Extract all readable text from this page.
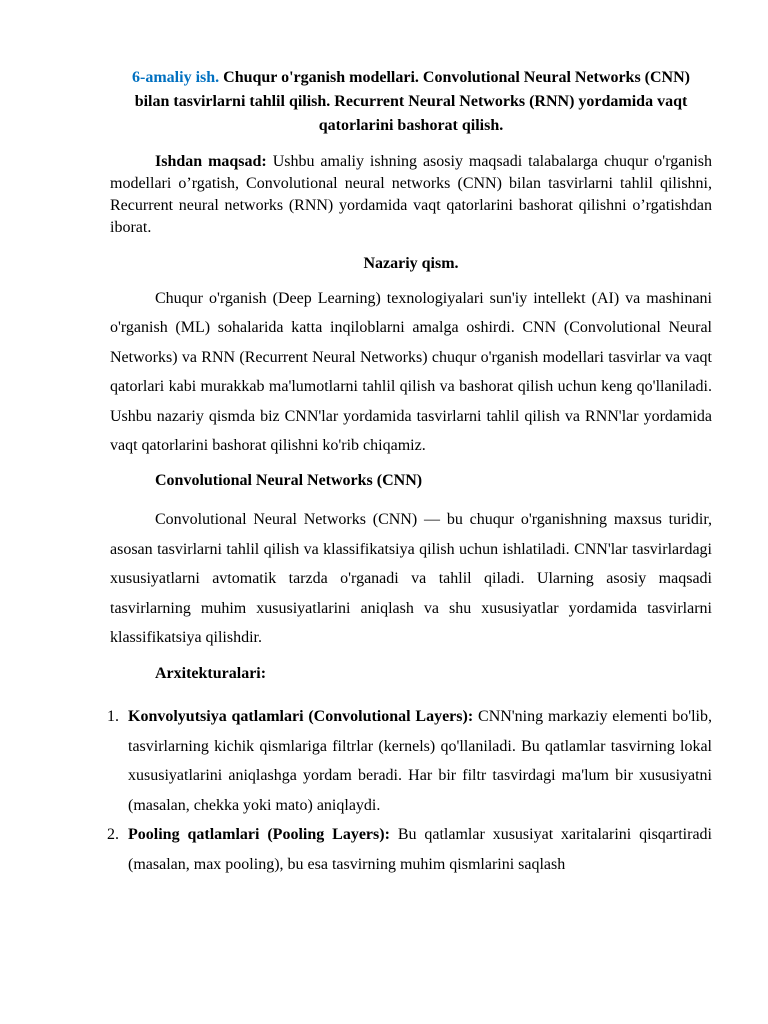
6-amaliy ish. Chuqur o'rganish modellari. Convolutional Neural Networks (CNN) bilan tasvirlarni tahlil qilish. Recurrent Neural Networks (RNN) yordamida vaqt qatorlarini bashorat qilish.
Ishdan maqsad: Ushbu amaliy ishning asosiy maqsadi talabalarga chuqur o'rganish modellari o’rgatish, Convolutional neural networks (CNN) bilan tasvirlarni tahlil qilishni, Recurrent neural networks (RNN) yordamida vaqt qatorlarini bashorat qilishni o’rgatishdan iborat.
Nazariy qism.
Chuqur o'rganish (Deep Learning) texnologiyalari sun'iy intellekt (AI) va mashinani o'rganish (ML) sohalarida katta inqiloblarni amalga oshirdi. CNN (Convolutional Neural Networks) va RNN (Recurrent Neural Networks) chuqur o'rganish modellari tasvirlar va vaqt qatorlari kabi murakkab ma'lumotlarni tahlil qilish va bashorat qilish uchun keng qo'llaniladi. Ushbu nazariy qismda biz CNN'lar yordamida tasvirlarni tahlil qilish va RNN'lar yordamida vaqt qatorlarini bashorat qilishni ko'rib chiqamiz.
Convolutional Neural Networks (CNN)
Convolutional Neural Networks (CNN) — bu chuqur o'rganishning maxsus turidir, asosan tasvirlarni tahlil qilish va klassifikatsiya qilish uchun ishlatiladi. CNN'lar tasvirlardagi xususiyatlarni avtomatik tarzda o'rganadi va tahlil qiladi. Ularning asosiy maqsadi tasvirlarning muhim xususiyatlarini aniqlash va shu xususiyatlar yordamida tasvirlarni klassifikatsiya qilishdir.
Arxitekturalari:
1. Konvolyutsiya qatlamlari (Convolutional Layers): CNN'ning markaziy elementi bo'lib, tasvirlarning kichik qismlariga filtrlar (kernels) qo'llaniladi. Bu qatlamlar tasvirning lokal xususiyatlarini aniqlashga yordam beradi. Har bir filtr tasvirdagi ma'lum bir xususiyatni (masalan, chekka yoki mato) aniqlaydi.
2. Pooling qatlamlari (Pooling Layers): Bu qatlamlar xususiyat xaritalarini qisqartiradi (masalan, max pooling), bu esa tasvirning muhim qismlarini saqlash
